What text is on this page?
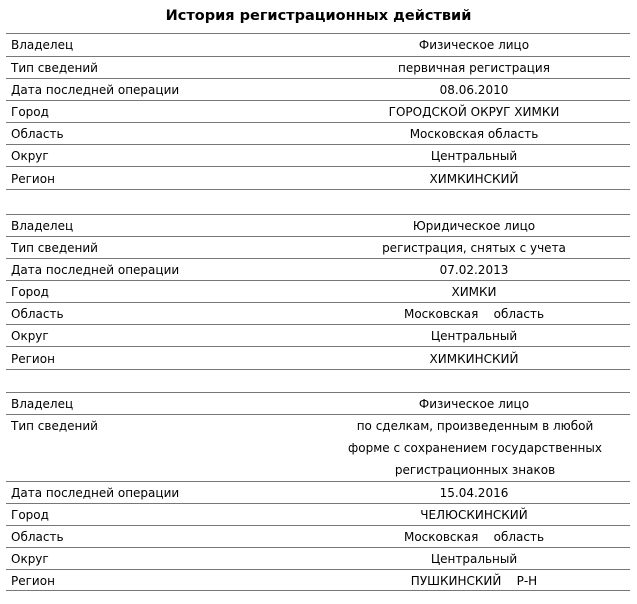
История регистрационных действий
Владелец	Физическое лицо
Тип сведений	первичная регистрация
Дата последней операции	08.06.2010
Город	ГОРОДСКОЙ ОКРУГ ХИМКИ
Область	Московская область
Округ	Центральный
Регион	ХИМКИНСКИЙ
Владелец	Юридическое лицо
Тип сведений	регистрация, снятых с учета
Дата последней операции	07.02.2013
Город	ХИМКИ
Область	Московская    область
Округ	Центральный
Регион	ХИМКИНСКИЙ
Владелец	Физическое лицо
Тип сведений	по сделкам, произведенным в любой форме с сохранением государственных регистрационных знаков
Дата последней операции	15.04.2016
Город	ЧЕЛЮСКИНСКИЙ
Область	Московская    область
Округ	Центральный
Регион	ПУШКИНСКИЙ    Р-Н
